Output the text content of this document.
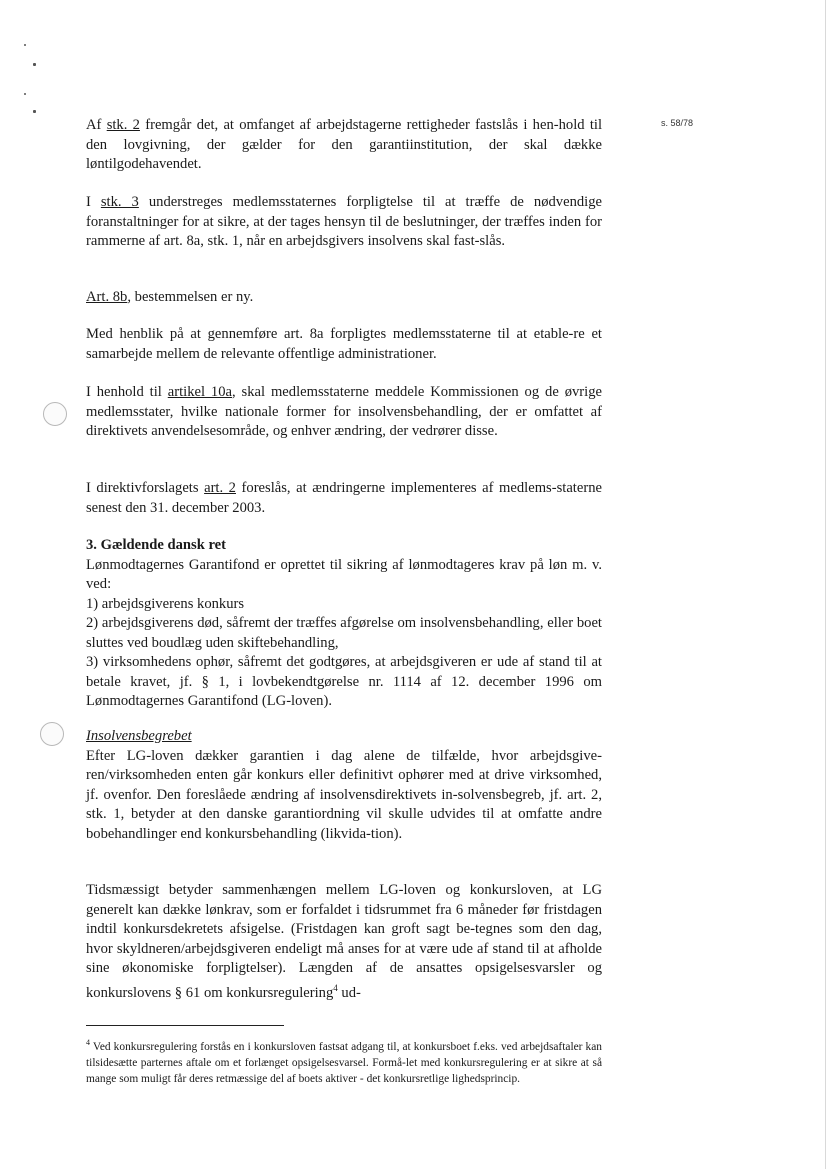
s. 58/78

Af stk. 2 fremgår det, at omfanget af arbejdstagerne rettigheder fastslås i hen-hold til den lovgivning, der gælder for den garantiinstitution, der skal dække løntilgodehavendet.

I stk. 3 understreges medlemsstaternes forpligtelse til at træffe de nødvendige foranstaltninger for at sikre, at der tages hensyn til de beslutninger, der træffes inden for rammerne af art. 8a, stk. 1, når en arbejdsgivers insolvens skal fast-slås.

Art. 8b, bestemmelsen er ny.

Med henblik på at gennemføre art. 8a forpligtes medlemsstaterne til at etable-re et samarbejde mellem de relevante offentlige administrationer.

I henhold til artikel 10a, skal medlemsstaterne meddele Kommissionen og de øvrige medlemsstater, hvilke nationale former for insolvensbehandling, der er omfattet af direktivets anvendelsesområde, og enhver ændring, der vedrører disse.

I direktivforslagets art. 2 foreslås, at ændringerne implementeres af medlems-staterne senest den 31. december 2003.

3. Gældende dansk ret

Lønmodtagernes Garantifond er oprettet til sikring af lønmodtageres krav på løn m. v. ved:

1) arbejdsgiverens konkurs

2) arbejdsgiverens død, såfremt der træffes afgørelse om insolvensbehandling, eller boet sluttes ved boudlæg uden skiftebehandling,

3) virksomhedens ophør, såfremt det godtgøres, at arbejdsgiveren er ude af stand til at betale kravet, jf. § 1, i lovbekendtgørelse nr. 1114 af 12. december 1996 om Lønmodtagernes Garantifond (LG-loven).

Insolvensbegrebet

Efter LG-loven dækker garantien i dag alene de tilfælde, hvor arbejdsgive-ren/virksomheden enten går konkurs eller definitivt ophører med at drive virksomhed, jf. ovenfor. Den foreslåede ændring af insolvensdirektivets in-solvensbegreb, jf. art. 2, stk. 1, betyder at den danske garantiordning vil skulle udvides til at omfatte andre bobehandlinger end konkursbehandling (likvida-tion).

Tidsmæssigt betyder sammenhængen mellem LG-loven og konkursloven, at LG generelt kan dække lønkrav, som er forfaldet i tidsrummet fra 6 måneder før fristdagen indtil konkursdekretets afsigelse. (Fristdagen kan groft sagt be-tegnes som den dag, hvor skyldneren/arbejdsgiveren endeligt må anses for at være ude af stand til at afholde sine økonomiske forpligtelser). Længden af de ansattes opsigelsesvarsler og konkurslovens § 61 om konkursregulering$^4$ ud-

$^4$ Ved konkursregulering forstås en i konkursloven fastsat adgang til, at konkursboet f.eks. ved arbejdsaftaler kan tilsidesætte parternes aftale om et forlænget opsigelsesvarsel. Formå-let med konkursregulering er at sikre at så mange som muligt får deres retmæssige del af boets aktiver - det konkursretlige lighedsprincip.
